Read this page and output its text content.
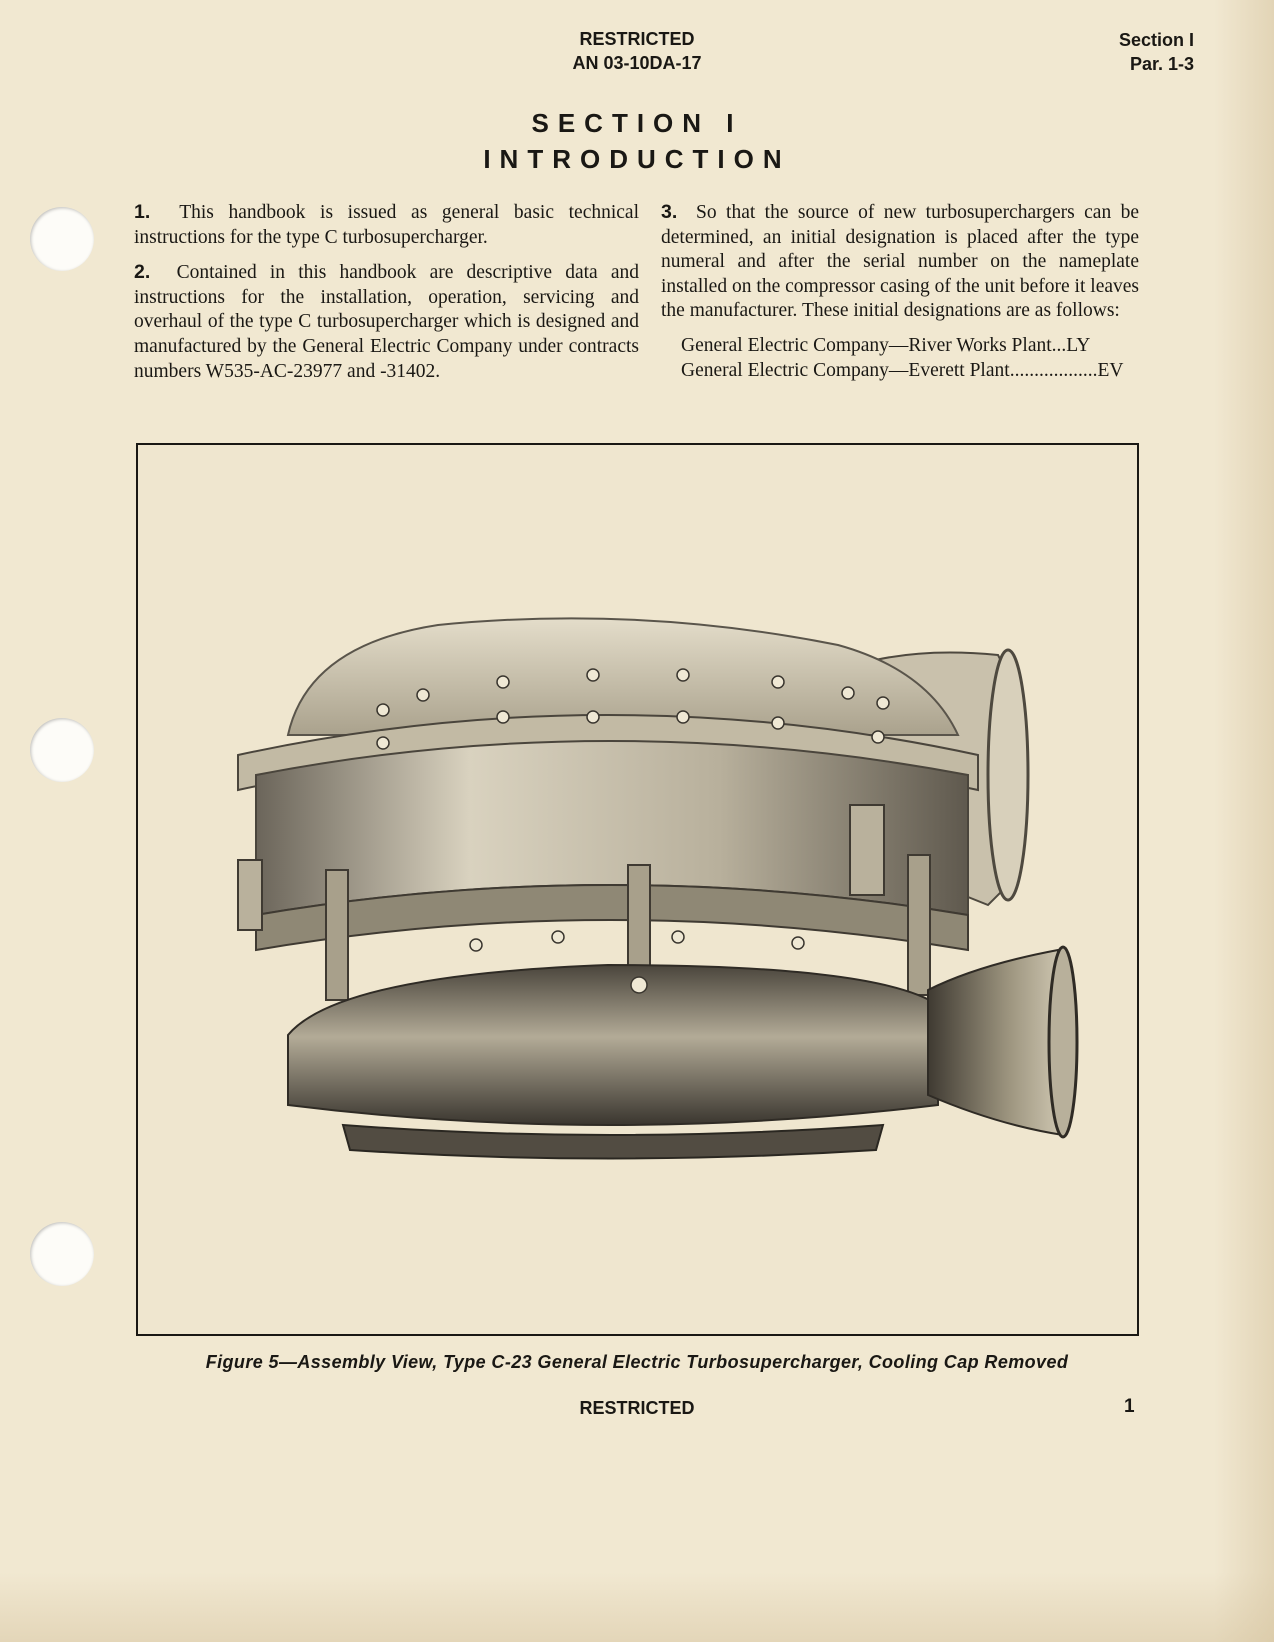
RESTRICTED
AN 03-10DA-17
Section I
Par. 1-3
SECTION I
INTRODUCTION

1. This handbook is issued as general basic technical instructions for the type C turbosupercharger.

2. Contained in this handbook are descriptive data and instructions for the installation, operation, servicing and overhaul of the type C turbosupercharger which is designed and manufactured by the General Electric Company under contracts numbers W535-AC-23977 and -31402.

3. So that the source of new turbosuperchargers can be determined, an initial designation is placed after the type numeral and after the serial number on the nameplate installed on the compressor casing of the unit before it leaves the manufacturer. These initial designations are as follows:

General Electric Company—River Works Plant...LY
General Electric Company—Everett Plant..................EV
Figure 5—Assembly View, Type C-23 General Electric Turbosupercharger, Cooling Cap Removed
RESTRICTED	1
